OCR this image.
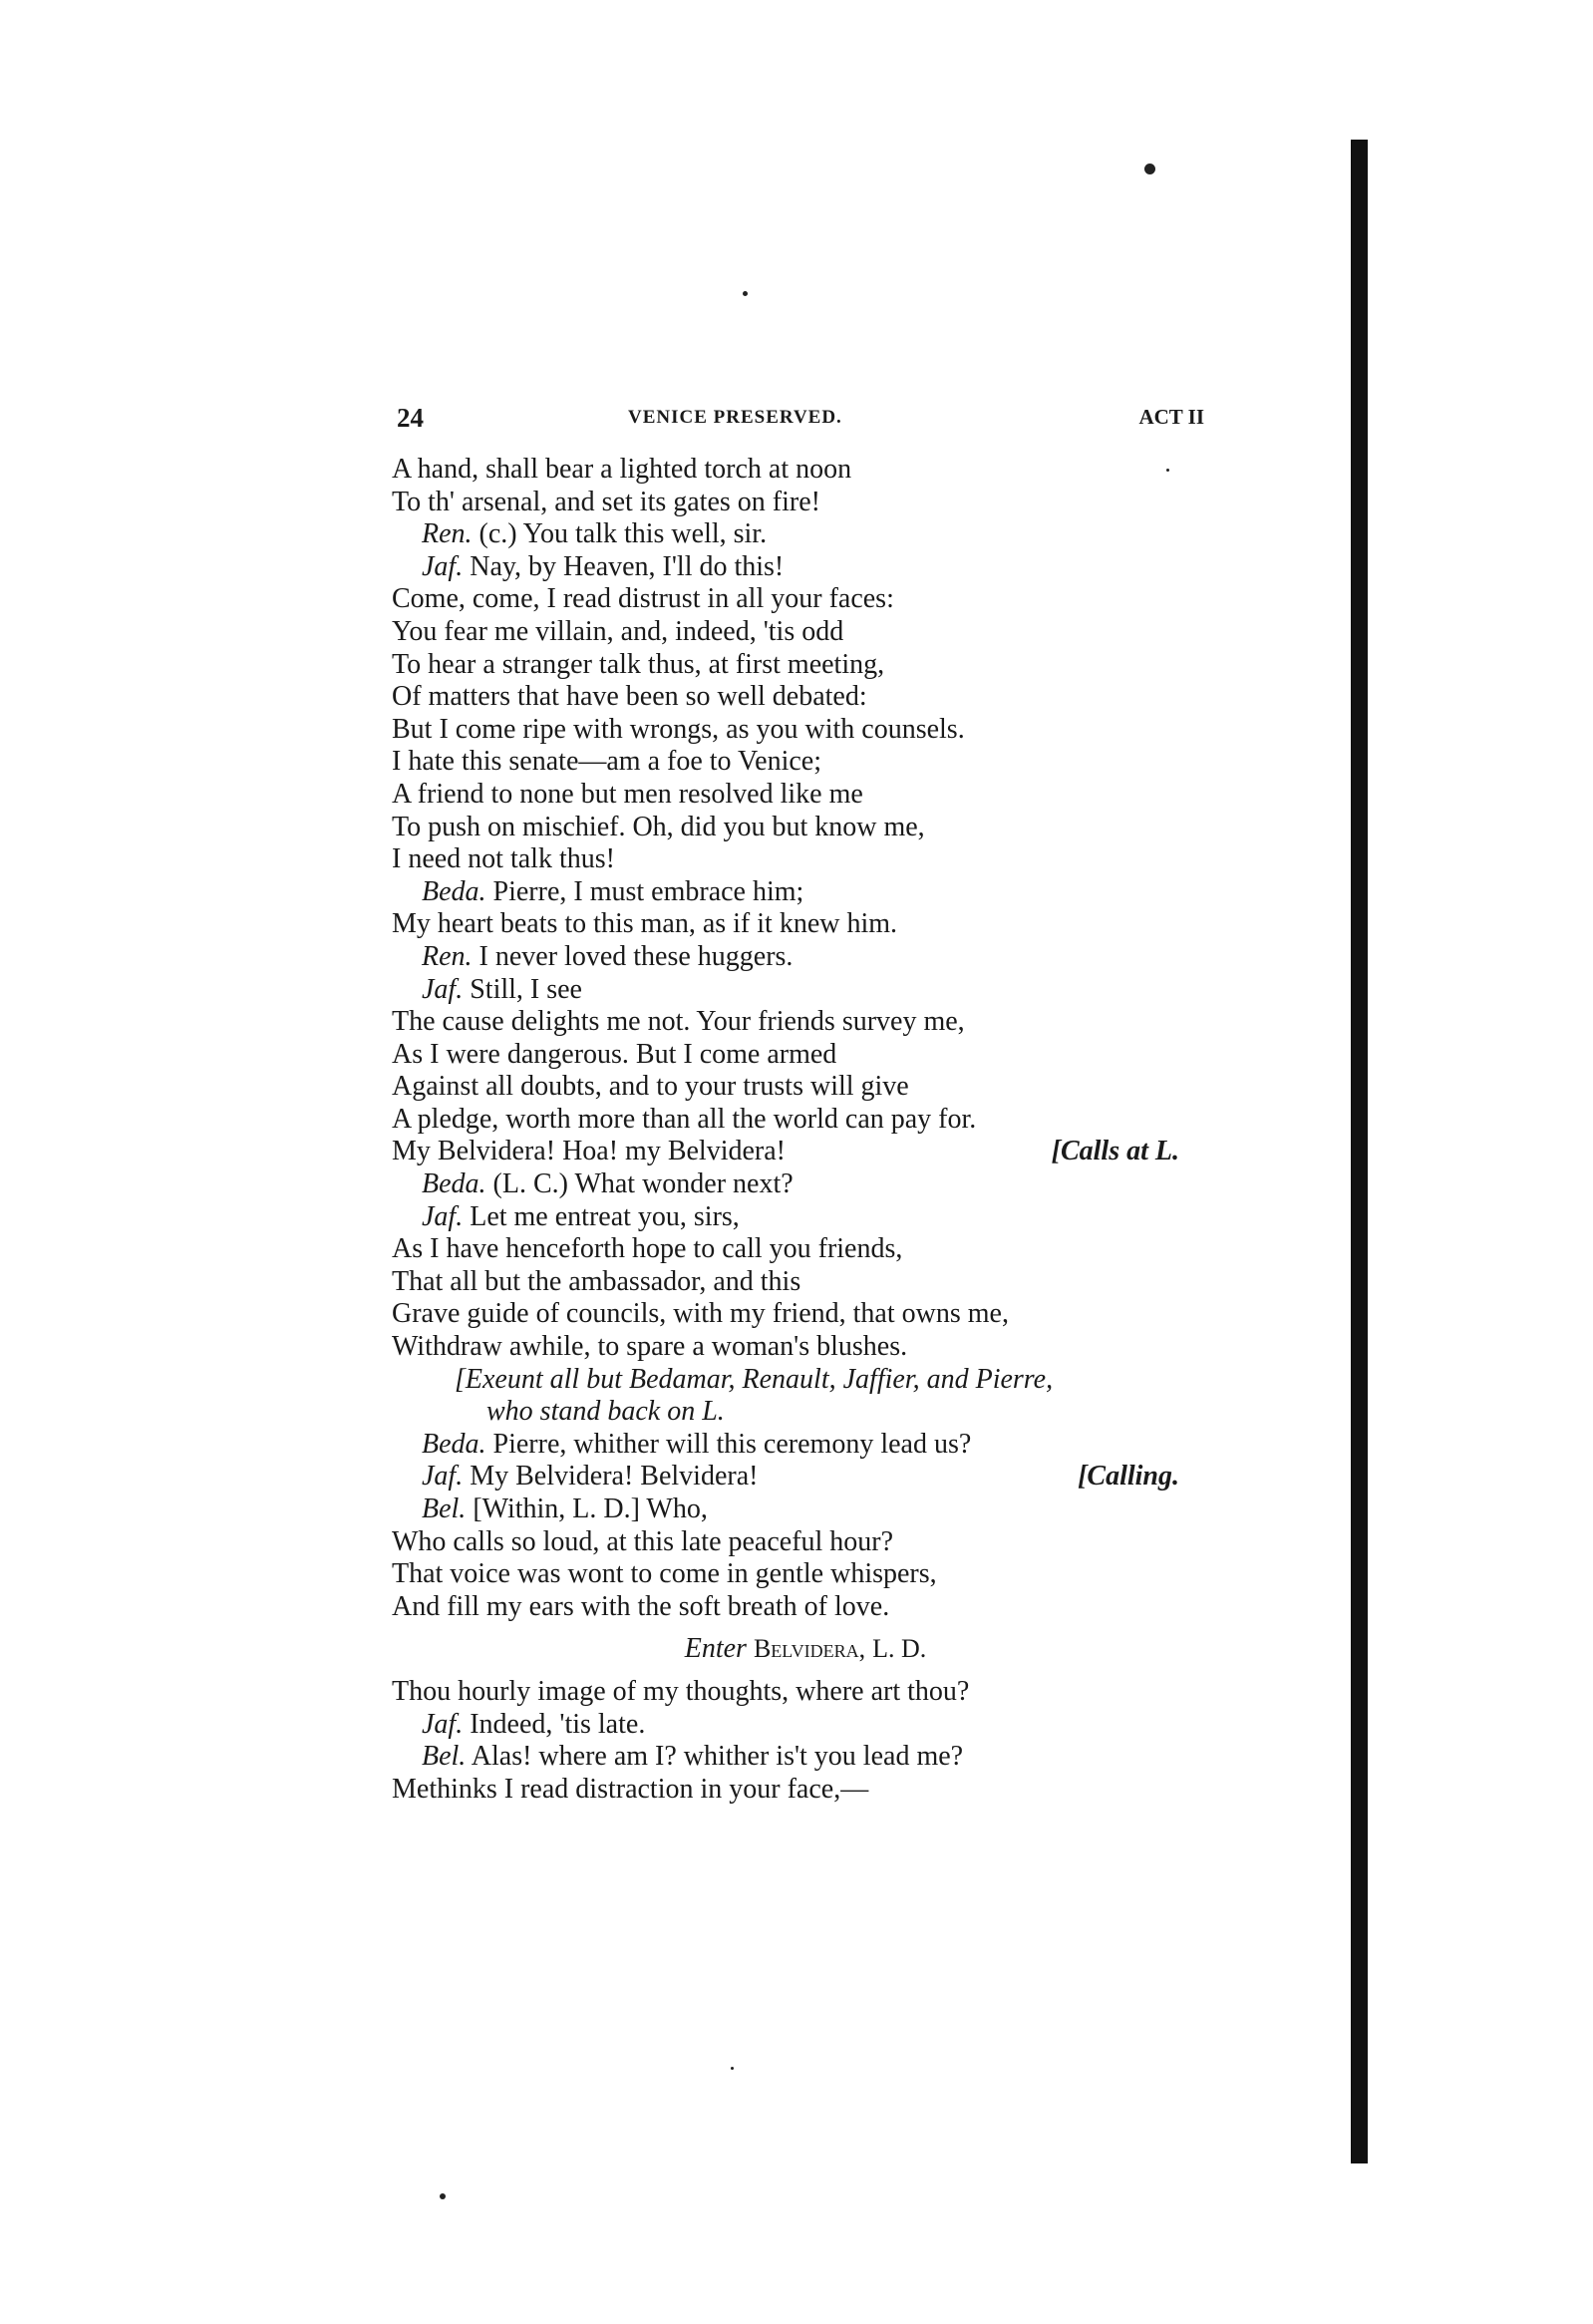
24	VENICE PRESERVED.	ACT II
A hand, shall bear a lighted torch at noon
To th' arsenal, and set its gates on fire!
Ren. (c.) You talk this well, sir.
Jaf. Nay, by Heaven, I'll do this!
Come, come, I read distrust in all your faces:
You fear me villain, and, indeed, 'tis odd
To hear a stranger talk thus, at first meeting,
Of matters that have been so well debated:
But I come ripe with wrongs, as you with counsels.
I hate this senate—am a foe to Venice;
A friend to none but men resolved like me
To push on mischief. Oh, did you but know me,
I need not talk thus!
Beda. Pierre, I must embrace him;
My heart beats to this man, as if it knew him.
Ren. I never loved these huggers.
Jaf. Still, I see
The cause delights me not. Your friends survey me,
As I were dangerous. But I come armed
Against all doubts, and to your trusts will give
A pledge, worth more than all the world can pay for.
My Belvidera! Hoa! my Belvidera!	[Calls at L.
Beda. (L. C.) What wonder next?
Jaf. Let me entreat you, sirs,
As I have henceforth hope to call you friends,
That all but the ambassador, and this
Grave guide of councils, with my friend, that owns me,
Withdraw awhile, to spare a woman's blushes.
[Exeunt all but Bedamar, Renault, Jaffier, and Pierre,
who stand back on L.
Beda. Pierre, whither will this ceremony lead us?
Jaf. My Belvidera! Belvidera!	[Calling.
Bel. [Within, L. D.] Who,
Who calls so loud, at this late peaceful hour?
That voice was wont to come in gentle whispers,
And fill my ears with the soft breath of love.
Enter Belvidera, L. D.
Thou hourly image of my thoughts, where art thou?
Jaf. Indeed, 'tis late.
Bel. Alas! where am I? whither is't you lead me?
Methinks I read distraction in your face,—
